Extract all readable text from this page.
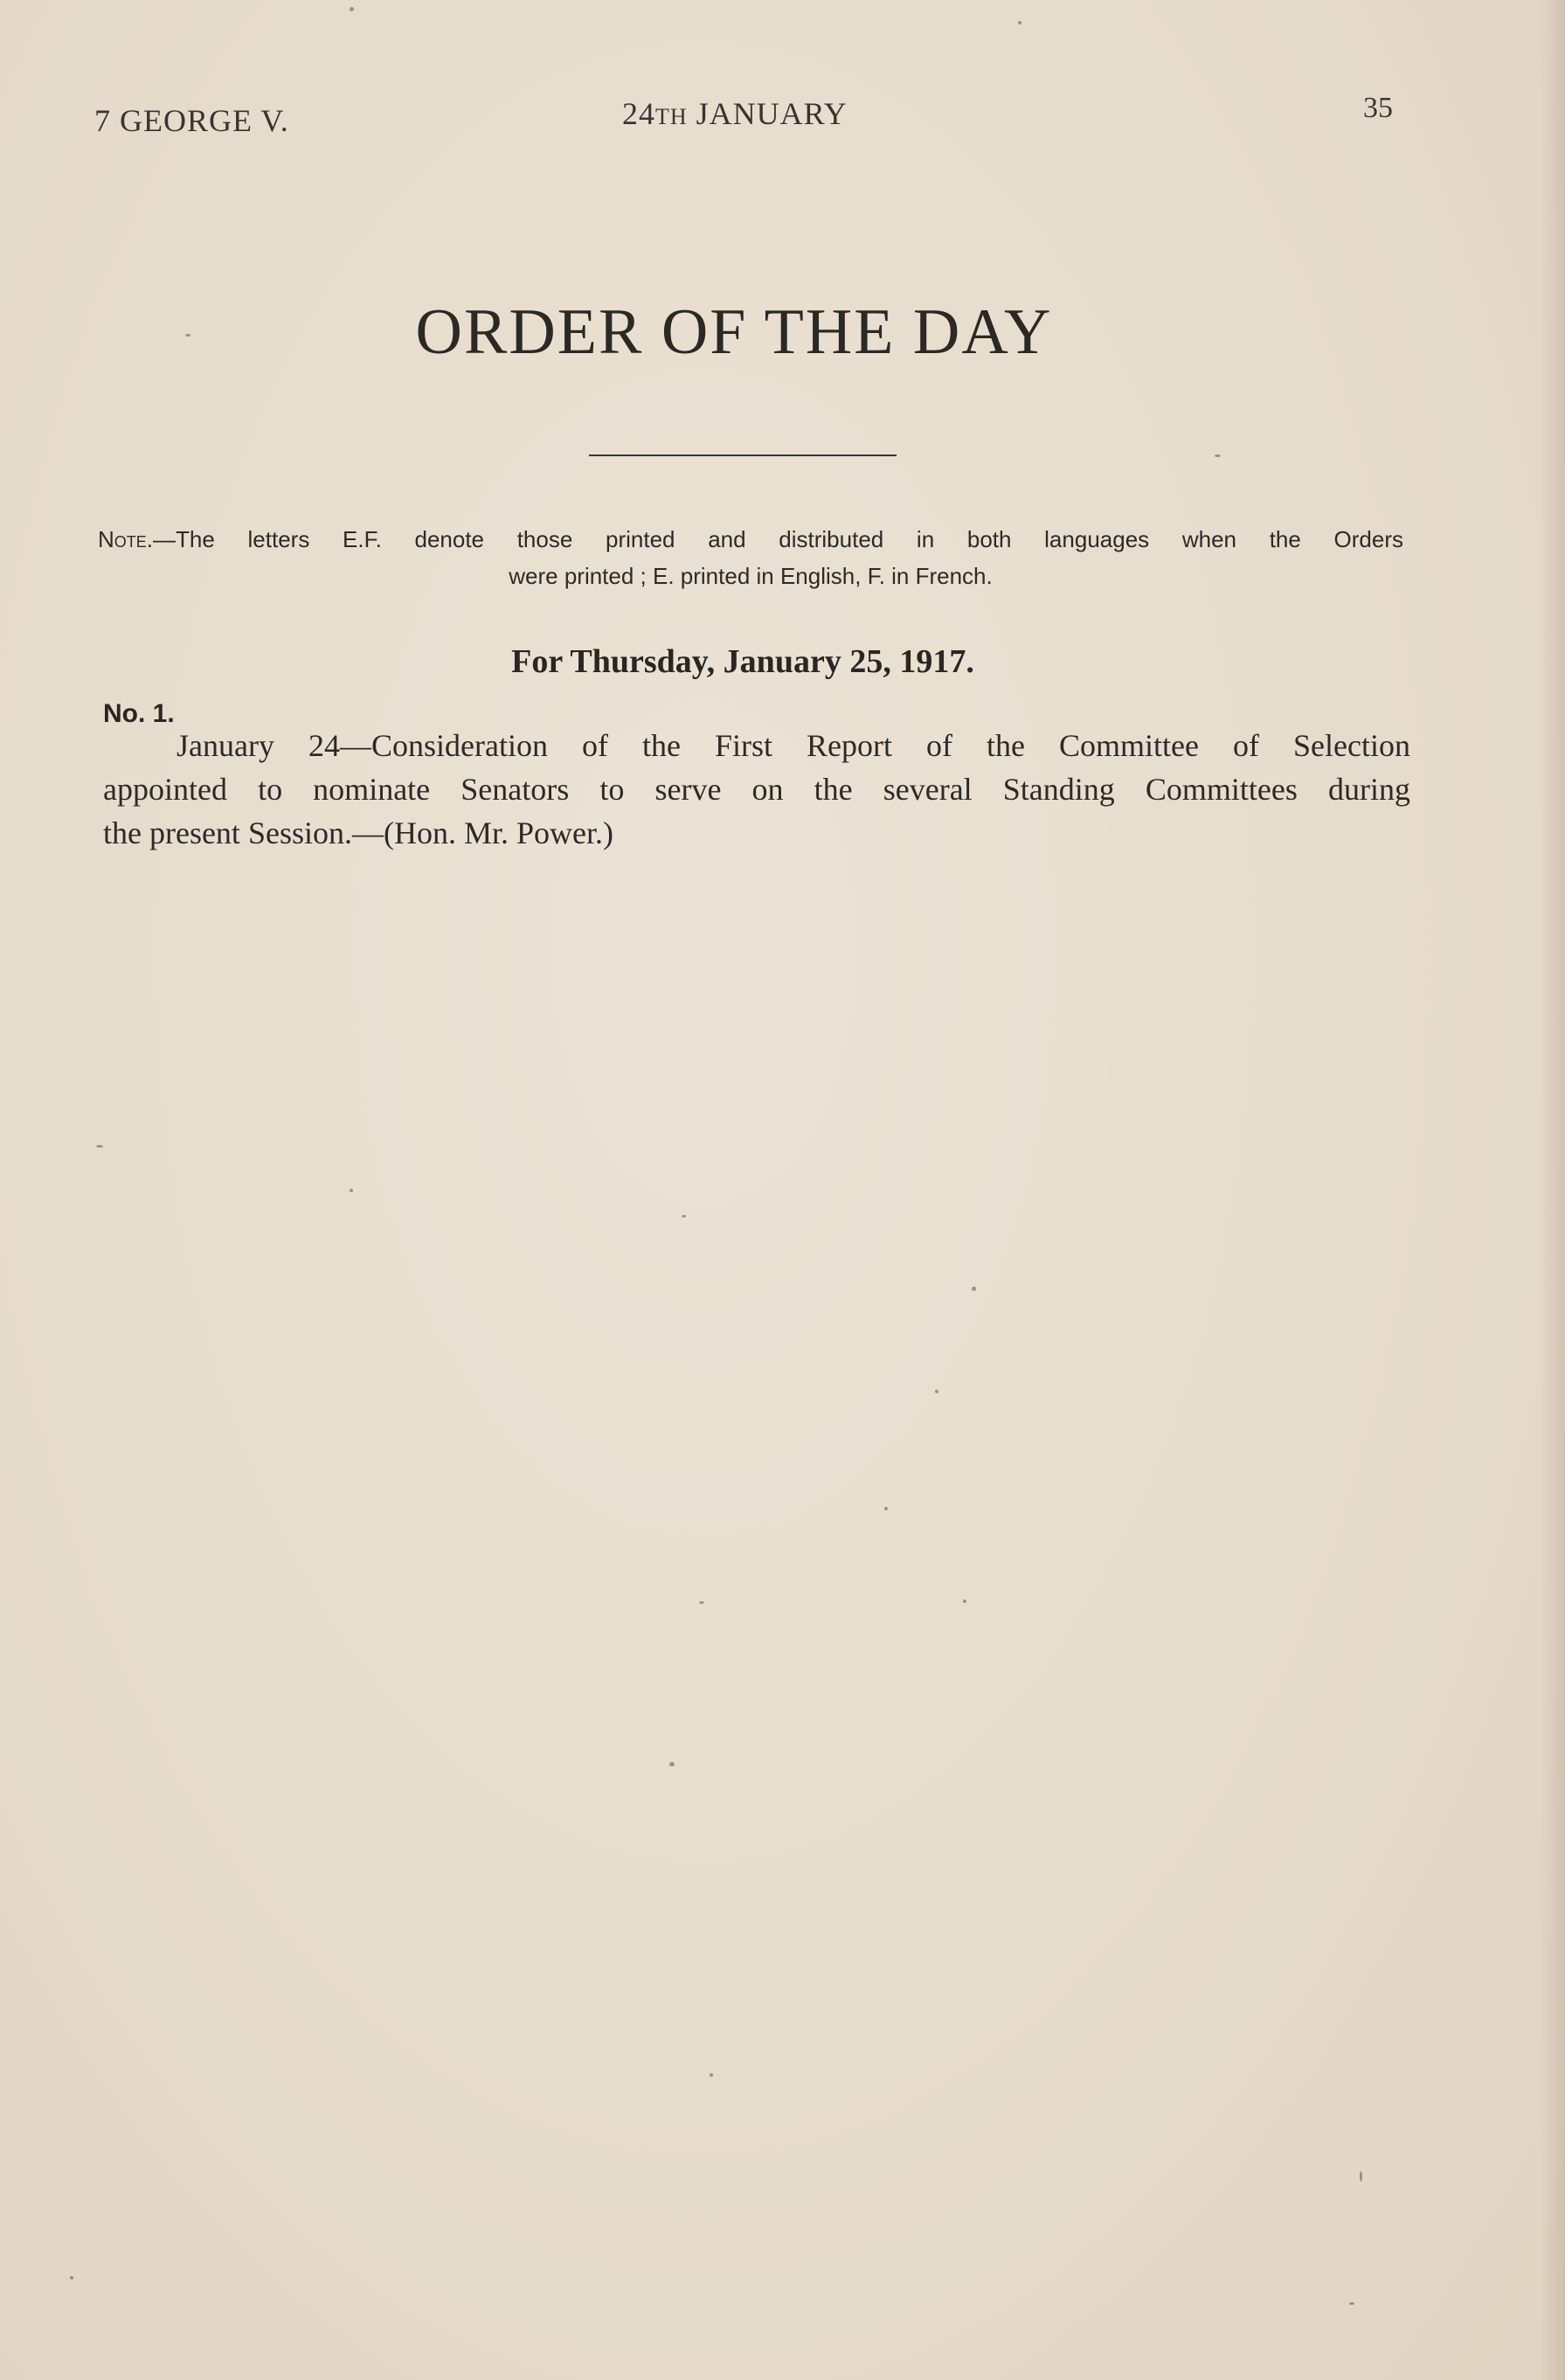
7 GEORGE V.	24TH JANUARY	35
ORDER OF THE DAY
Note.—The letters E.F. denote those printed and distributed in both languages when the Orders
were printed ; E. printed in English, F. in French.
For Thursday, January 25, 1917.
No. 1.
January 24—Consideration of the First Report of the Committee of Selection
appointed to nominate Senators to serve on the several Standing Committees during
the present Session.—(Hon. Mr. Power.)
